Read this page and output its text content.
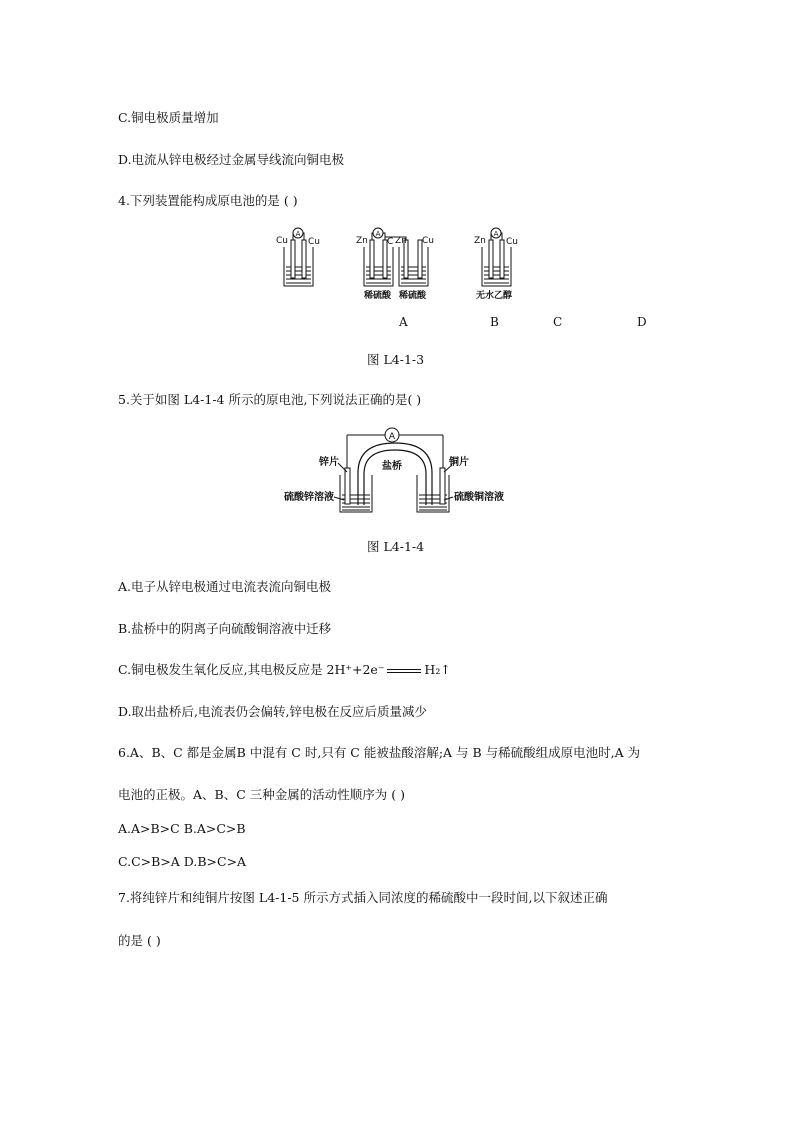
C.铜电极质量增加
D.电流从锌电极经过金属导线流向铜电极
4.下列装置能构成原电池的是 ( )
A	A	A
Cu Cu	Zn C Zn Cu	Zn Cu
稀硫酸 稀硫酸	无水乙醇
A	B	C	D
图 L4-1-3
5.关于如图 L4-1-4 所示的原电池,下列说法正确的是( )
A
锌片	盐桥	铜片
硫酸锌溶液	硫酸铜溶液
图 L4-1-4
A.电子从锌电极通过电流表流向铜电极
B.盐桥中的阴离子向硫酸铜溶液中迁移
C.铜电极发生氧化反应,其电极反应是 2H⁺+2e⁻	H₂↑
D.取出盐桥后,电流表仍会偏转,锌电极在反应后质量减少
6.A、B、C 都是金属B 中混有 C 时,只有 C 能被盐酸溶解;A 与 B 与稀硫酸组成原电池时,A 为
电池的正极。A、B、C 三种金属的活动性顺序为 ( )
A.A>B>C B.A>C>B
C.C>B>A D.B>C>A
7.将纯锌片和纯铜片按图 L4-1-5 所示方式插入同浓度的稀硫酸中一段时间,以下叙述正确
的是 ( )
